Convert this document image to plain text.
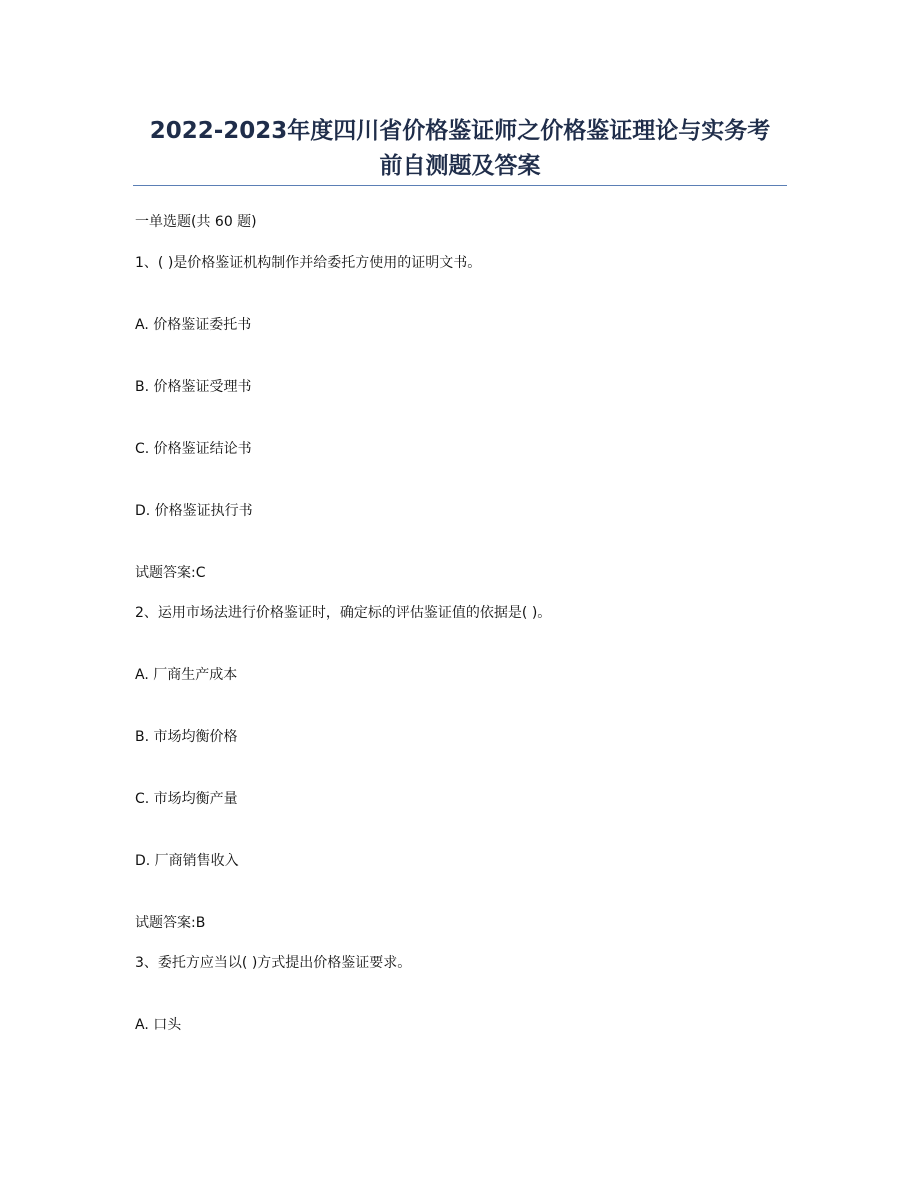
2022-2023年度四川省价格鉴证师之价格鉴证理论与实务考
前自测题及答案
一单选题(共 60 题)
1、( )是价格鉴证机构制作并给委托方使用的证明文书。
A. 价格鉴证委托书
B. 价格鉴证受理书
C. 价格鉴证结论书
D. 价格鉴证执行书
试题答案:C
2、运用市场法进行价格鉴证时，确定标的评估鉴证值的依据是( )。
A. 厂商生产成本
B. 市场均衡价格
C. 市场均衡产量
D. 厂商销售收入
试题答案:B
3、委托方应当以( )方式提出价格鉴证要求。
A. 口头
